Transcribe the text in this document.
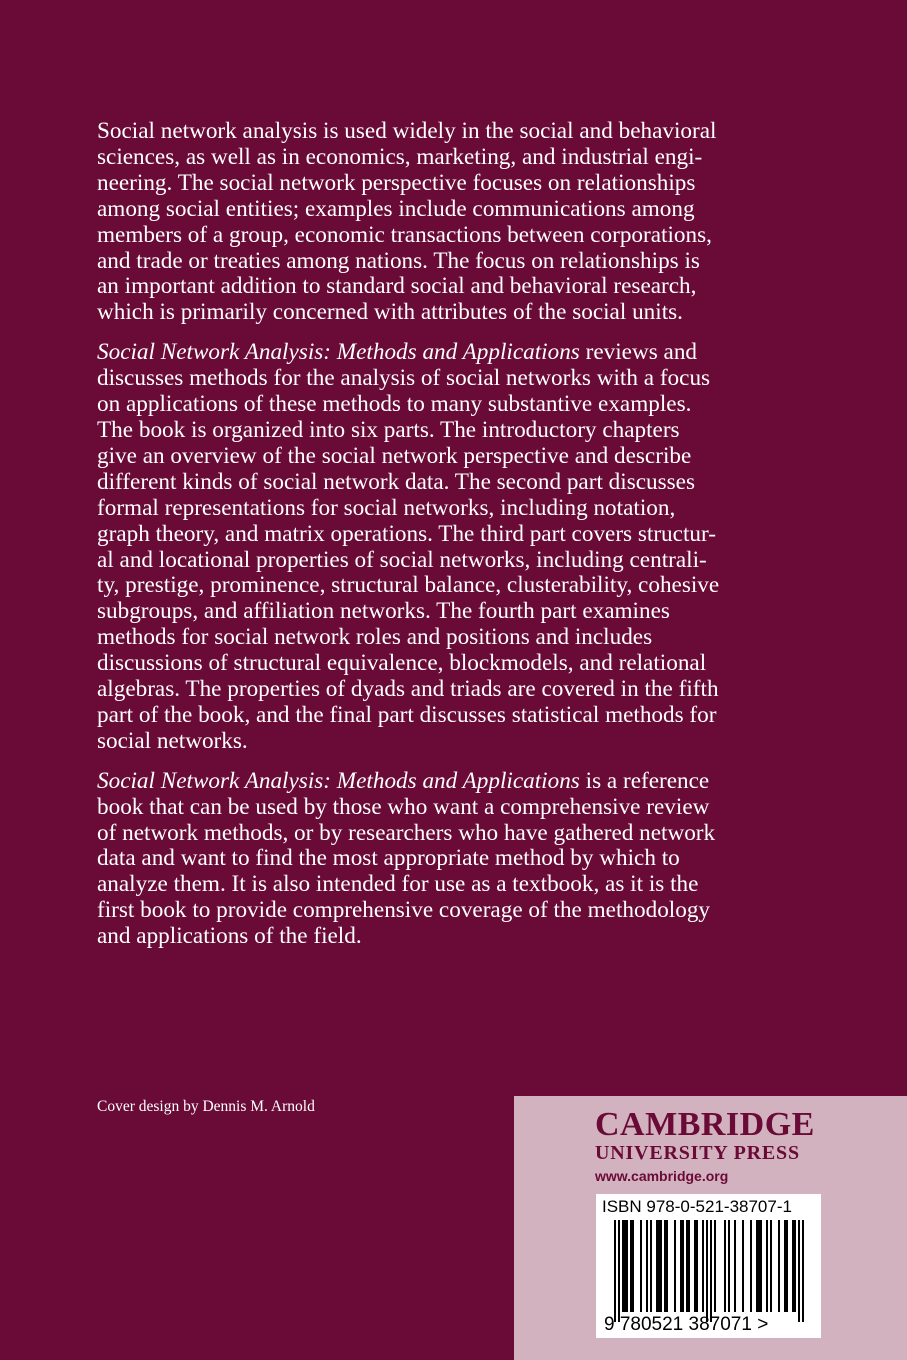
Social network analysis is used widely in the social and behavioral
sciences, as well as in economics, marketing, and industrial engi-
neering. The social network perspective focuses on relationships
among social entities; examples include communications among
members of a group, economic transactions between corporations,
and trade or treaties among nations. The focus on relationships is
an important addition to standard social and behavioral research,
which is primarily concerned with attributes of the social units.

Social Network Analysis: Methods and Applications reviews and
discusses methods for the analysis of social networks with a focus
on applications of these methods to many substantive examples.
The book is organized into six parts. The introductory chapters
give an overview of the social network perspective and describe
different kinds of social network data. The second part discusses
formal representations for social networks, including notation,
graph theory, and matrix operations. The third part covers structur-
al and locational properties of social networks, including centrali-
ty, prestige, prominence, structural balance, clusterability, cohesive
subgroups, and affiliation networks. The fourth part examines
methods for social network roles and positions and includes
discussions of structural equivalence, blockmodels, and relational
algebras. The properties of dyads and triads are covered in the fifth
part of the book, and the final part discusses statistical methods for
social networks.

Social Network Analysis: Methods and Applications is a reference
book that can be used by those who want a comprehensive review
of network methods, or by researchers who have gathered network
data and want to find the most appropriate method by which to
analyze them. It is also intended for use as a textbook, as it is the
first book to provide comprehensive coverage of the methodology
and applications of the field.

Cover design by Dennis M. Arnold	CAMBRIDGE
UNIVERSITY PRESS
www.cambridge.org
ISBN 978-0-521-38707-1
9 780521 387071 >
